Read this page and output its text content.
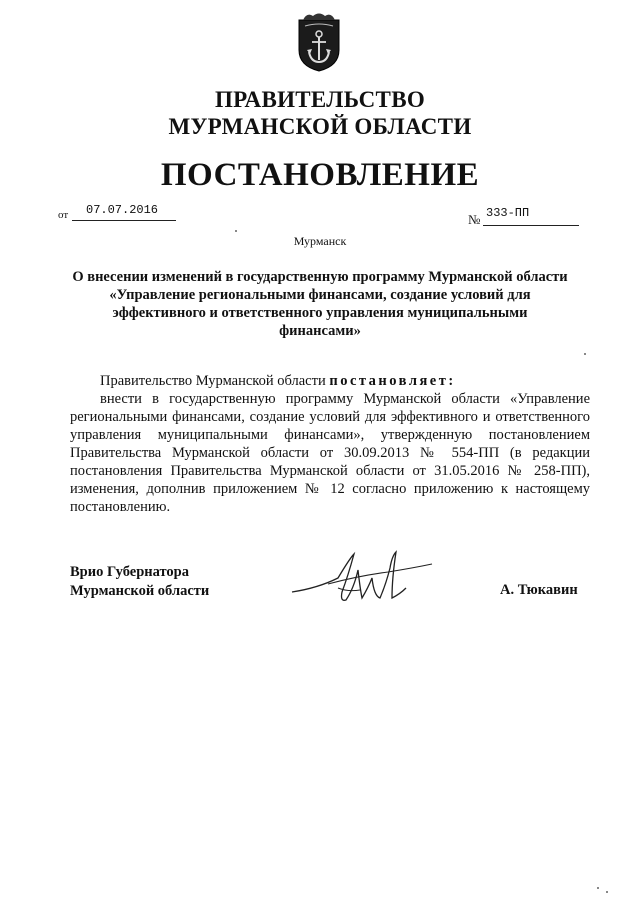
ПРАВИТЕЛЬСТВО
МУРМАНСКОЙ ОБЛАСТИ
ПОСТАНОВЛЕНИЕ
от 07.07.2016
№ 333-ПП
Мурманск
О внесении изменений в государственную программу Мурманской области
«Управление региональными финансами, создание условий для
эффективного и ответственного управления муниципальными
финансами»
Правительство Мурманской области постановляет:
внести в государственную программу Мурманской области «Управление региональными финансами, создание условий для эффективного и ответственного управления муниципальными финансами», утвержденную постановлением Правительства Мурманской области от 30.09.2013 № 554-ПП (в редакции постановления Правительства Мурманской области от 31.05.2016 № 258-ПП), изменения, дополнив приложением № 12 согласно приложению к настоящему постановлению.
Врио Губернатора
Мурманской области	А. Тюкавин
